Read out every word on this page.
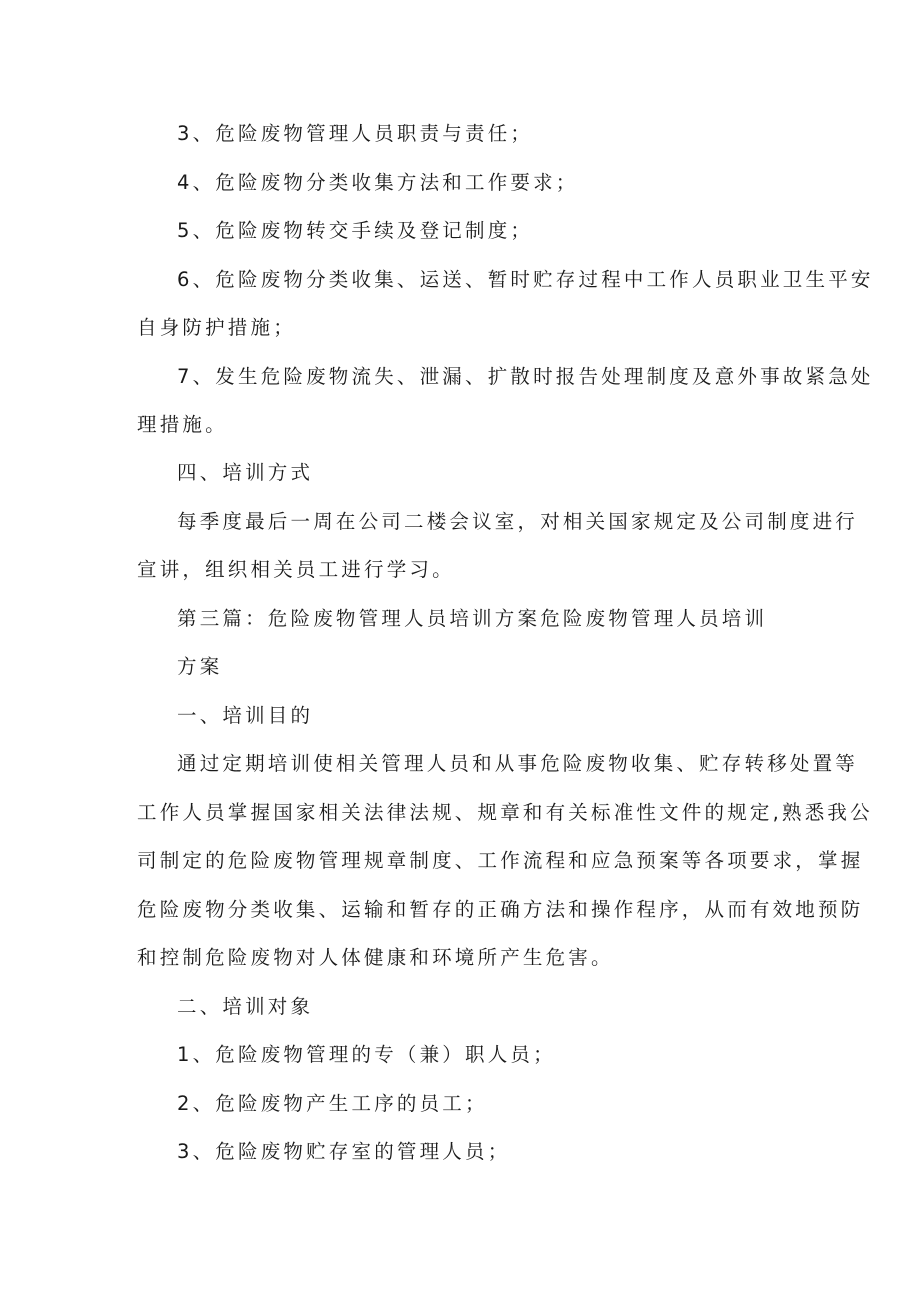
3、危险废物管理人员职责与责任；
4、危险废物分类收集方法和工作要求；
5、危险废物转交手续及登记制度；
6、危险废物分类收集、运送、暂时贮存过程中工作人员职业卫生平安
自身防护措施；
7、发生危险废物流失、泄漏、扩散时报告处理制度及意外事故紧急处
理措施。
四、培训方式
每季度最后一周在公司二楼会议室，对相关国家规定及公司制度进行
宣讲，组织相关员工进行学习。
第三篇：危险废物管理人员培训方案危险废物管理人员培训
方案
一、培训目的
通过定期培训使相关管理人员和从事危险废物收集、贮存转移处置等
工作人员掌握国家相关法律法规、规章和有关标准性文件的规定,熟悉我公
司制定的危险废物管理规章制度、工作流程和应急预案等各项要求，掌握
危险废物分类收集、运输和暂存的正确方法和操作程序，从而有效地预防
和控制危险废物对人体健康和环境所产生危害。
二、培训对象
1、危险废物管理的专（兼）职人员；
2、危险废物产生工序的员工；
3、危险废物贮存室的管理人员；
